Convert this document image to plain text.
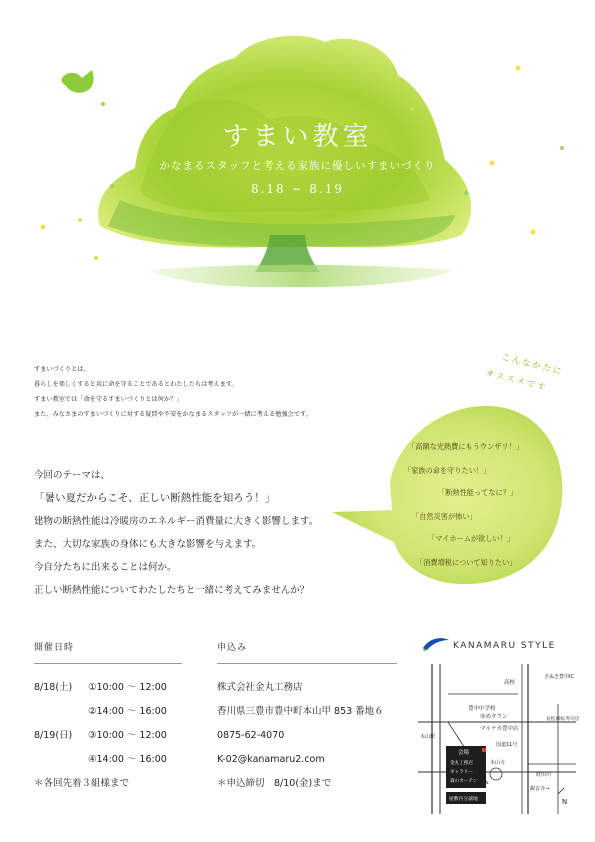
すまい教室
かなまるスタッフと考える家族に優しいすまいづくり
8.18 − 8.19
すまいづくりとは、
暮らしを楽しくすると共に命を守ることであるとわたしたちは考えます。
すまい教室では「命を守るすまいづくりとは何か？」
また、みなさまのすまいづくりに対する疑問や不安をかなまるスタッフが一緒に考える勉強会です。
こんなかたに
オススメです
「高額な光熱費にもうウンザリ！」
「家族の命を守りたい！」
「断熱性能ってなに？」
「自然災害が怖い」
「マイホームが欲しい！」
「消費増税について知りたい」
今回のテーマは、
「暑い夏だからこそ、正しい断熱性能を知ろう！」
建物の断熱性能は冷暖房のエネルギー消費量に大きく影響します。
また、大切な家族の身体にも大きな影響を与えます。
今自分たちに出来ることは何か。
正しい断熱性能についてわたしたちと一緒に考えてみませんか？
開催日時	申込み
8/18(土) ①10:00 〜 12:00
②14:00 〜 16:00
8/19(日) ③10:00 〜 12:00
④14:00 〜 16:00
＊各回先着３組様まで
株式会社金丸工務店
香川県三豊市豊中町本山甲 853 番地６
0875-62-4070
K-02@kanamaru2.com
＊申込締切　8/10(金)まで
KANAMARU STYLE
高校
さぬき豊中IC
豊中中学校
ゆめタウン
マルナカ豊中店
国道11号
長松回転寿司店
本山駅
本山寺
観音寺→
財田川
会場
金丸工務店
ギャラリー
森のカーテン
屋敷内分譲地	N
